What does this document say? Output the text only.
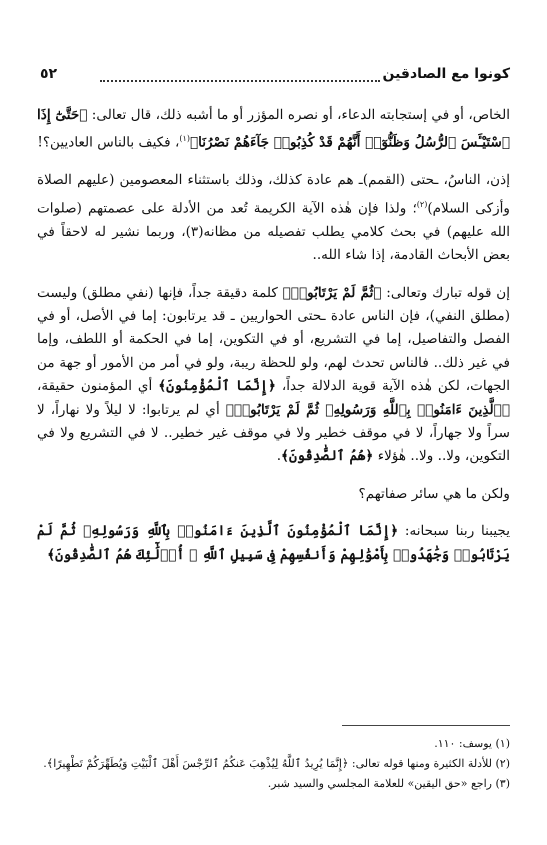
كونوا مع الصادقين
٥٢

الخاص، أو في إستجابته الدعاء، أو نصره المؤزر أو ما أشبه ذلك، قال تعالى: ﴿حَتَّىٰٓ إِذَا ٱسْتَيْـَٔسَ ٱلرُّسُلُ وَظَنُّوٓا۟ أَنَّهُمْ قَدْ كُذِبُوا۟ جَآءَهُمْ نَصْرُنَا﴾$^{(١)}$، فكيف بالناس العاديين؟!

إذن، الناسُ، ـحتى (القمم)ـ هم عادة كذلك، وذلك باستثناء المعصومين (عليهم الصلاة وأزكى السلام)$^{(٢)}$؛ ولذا فإن هٰذه الآية الكريمة تُعد من الأدلة على عصمتهم (صلوات الله عليهم) في بحث كلامي يطلب تفصيله من مظانه(٣)، وربما نشير له لاحقاً في بعض الأبحاث القادمة، إذا شاء الله..

إن قوله تبارك وتعالى: ﴿ثُمَّ لَمْ يَرْتَابُوا۟﴾ كلمة دقيقة جداً، فإنها (نفي مطلق) وليست (مطلق النفي)، فإن الناس عادة ـحتى الحواريين ـ قد يرتابون: إما في الأصل، أو في الفصل والتفاصيل، إما في التشريع، أو في التكوين، إما في الحكمة أو اللطف، وإما في غير ذلك.. فالناس تحدث لهم، ولو للحظة ريبة، ولو في أمر من الأمور أو جهة من الجهات، لكن هٰذه الآية قوية الدلالة جداً، ﴿إِنَّمَا ٱلْمُؤْمِنُونَ﴾ أي المؤمنون حقيقة، ﴿ٱلَّذِينَ ءَامَنُوا۟ بِٱللَّهِ وَرَسُولِهِۦ ثُمَّ لَمْ يَرْتَابُوا۟﴾ أي لم يرتابوا: لا ليلاً ولا نهاراً، لا سراً ولا جهاراً، لا في موقف خطير ولا في موقف غير خطير.. لا في التشريع ولا في التكوين، ولا.. ولا.. هٰؤلاء ﴿هُمُ ٱلصَّٰدِقُونَ﴾.

ولكن ما هي سائر صفاتهم؟

يجيبنا ربنا سبحانه: ﴿إِنَّمَا ٱلْمُؤْمِنُونَ ٱلَّذِينَ ءَامَنُوا۟ بِٱللَّهِ وَرَسُولِهِۦ ثُمَّ لَمْ يَرْتَابُوا۟ وَجَٰهَدُوا۟ بِأَمْوَٰلِهِمْ وَأَنفُسِهِمْ فِى سَبِيلِ ٱللَّهِ ۚ أُو۟لَٰٓئِكَ هُمُ ٱلصَّٰدِقُونَ﴾

(١) يوسف: ١١٠.

(٢) للأدلة الكثيرة ومنها قوله تعالى: ﴿إِنَّمَا يُرِيدُ ٱللَّهُ لِيُذْهِبَ عَنكُمُ ٱلرِّجْسَ أَهْلَ ٱلْبَيْتِ وَيُطَهِّرَكُمْ تَطْهِيرًا﴾.

(٣) راجع «حق اليقين» للعلامة المجلسي والسيد شبر.
